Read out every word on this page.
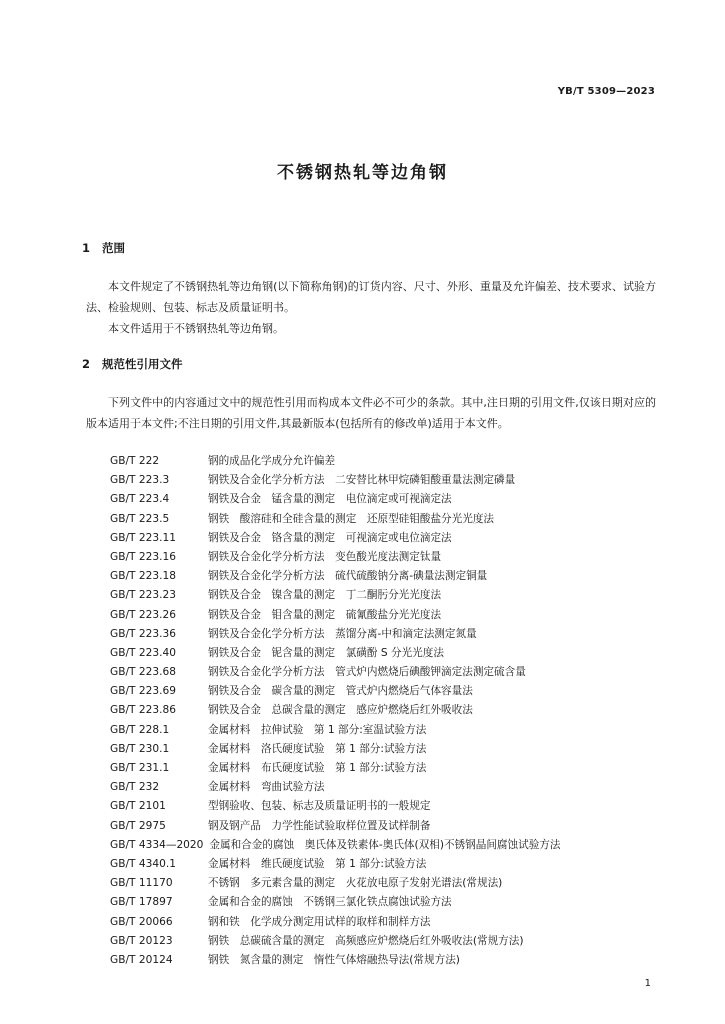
YB/T 5309—2023
不锈钢热轧等边角钢
1 范围

本文件规定了不锈钢热轧等边角钢(以下简称角钢)的订货内容、尺寸、外形、重量及允许偏差、技术要求、试验方法、检验规则、包装、标志及质量证明书。

本文件适用于不锈钢热轧等边角钢。

2 规范性引用文件

下列文件中的内容通过文中的规范性引用而构成本文件必不可少的条款。其中,注日期的引用文件,仅该日期对应的版本适用于本文件;不注日期的引用文件,其最新版本(包括所有的修改单)适用于本文件。

GB/T 222	钢的成品化学成分允许偏差
GB/T 223.3	钢铁及合金化学分析方法　二安替比林甲烷磷钼酸重量法测定磷量
GB/T 223.4	钢铁及合金　锰含量的测定　电位滴定或可视滴定法
GB/T 223.5	钢铁　酸溶硅和全硅含量的测定　还原型硅钼酸盐分光光度法
GB/T 223.11	钢铁及合金　铬含量的测定　可视滴定或电位滴定法
GB/T 223.16	钢铁及合金化学分析方法　变色酸光度法测定钛量
GB/T 223.18	钢铁及合金化学分析方法　硫代硫酸钠分离-碘量法测定铜量
GB/T 223.23	钢铁及合金　镍含量的测定　丁二酮肟分光光度法
GB/T 223.26	钢铁及合金　钼含量的测定　硫氰酸盐分光光度法
GB/T 223.36	钢铁及合金化学分析方法　蒸馏分离-中和滴定法测定氮量
GB/T 223.40	钢铁及合金　铌含量的测定　氯磺酚 S 分光光度法
GB/T 223.68	钢铁及合金化学分析方法　管式炉内燃烧后碘酸钾滴定法测定硫含量
GB/T 223.69	钢铁及合金　碳含量的测定　管式炉内燃烧后气体容量法
GB/T 223.86	钢铁及合金　总碳含量的测定　感应炉燃烧后红外吸收法
GB/T 228.1	金属材料　拉伸试验　第 1 部分:室温试验方法
GB/T 230.1	金属材料　洛氏硬度试验　第 1 部分:试验方法
GB/T 231.1	金属材料　布氏硬度试验　第 1 部分:试验方法
GB/T 232	金属材料　弯曲试验方法
GB/T 2101	型钢验收、包装、标志及质量证明书的一般规定
GB/T 2975	钢及钢产品　力学性能试验取样位置及试样制备
GB/T 4334—2020 金属和合金的腐蚀　奥氏体及铁素体-奥氏体(双相)不锈钢晶间腐蚀试验方法
GB/T 4340.1	金属材料　维氏硬度试验　第 1 部分:试验方法
GB/T 11170	不锈钢　多元素含量的测定　火花放电原子发射光谱法(常规法)
GB/T 17897	金属和合金的腐蚀　不锈钢三氯化铁点腐蚀试验方法
GB/T 20066	钢和铁　化学成分测定用试样的取样和制样方法
GB/T 20123	钢铁　总碳硫含量的测定　高频感应炉燃烧后红外吸收法(常规方法)
GB/T 20124	钢铁　氮含量的测定　惰性气体熔融热导法(常规方法)
1
